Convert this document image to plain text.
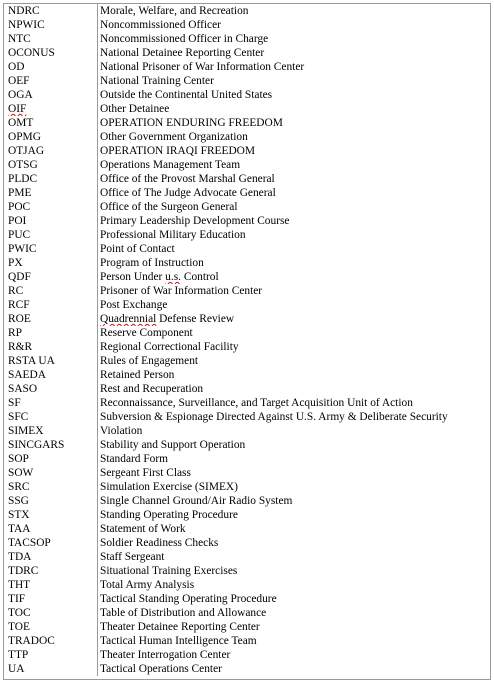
NDRC	Morale, Welfare, and Recreation
NPWIC	Noncommissioned Officer
NTC	Noncommissioned Officer in Charge
OCONUS	National Detainee Reporting Center
OD	National Prisoner of War Information Center
OEF	National Training Center
OGA	Outside the Continental United States
OIF	Other Detainee
OMT	OPERATION ENDURING FREEDOM
OPMG	Other Government Organization
OTJAG	OPERATION IRAQI FREEDOM
OTSG	Operations Management Team
PLDC	Office of the Provost Marshal General
PME	Office of The Judge Advocate General
POC	Office of the Surgeon General
POI	Primary Leadership Development Course
PUC	Professional Military Education
PWIC	Point of Contact
PX	Program of Instruction
QDF	Person Under u.s. Control
RC	Prisoner of War Information Center
RCF	Post Exchange
ROE	Quadrennial Defense Review
RP	Reserve Component
R&R	Regional Correctional Facility
RSTA UA	Rules of Engagement
SAEDA	Retained Person
SASO	Rest and Recuperation
SF	Reconnaissance, Surveillance, and Target Acquisition Unit of Action
SFC	Subversion & Espionage Directed Against U.S. Army & Deliberate Security
SIMEX	Violation
SINCGARS	Stability and Support Operation
SOP	Standard Form
SOW	Sergeant First Class
SRC	Simulation Exercise (SIMEX)
SSG	Single Channel Ground/Air Radio System
STX	Standing Operating Procedure
TAA	Statement of Work
TACSOP	Soldier Readiness Checks
TDA	Staff Sergeant
TDRC	Situational Training Exercises
THT	Total Army Analysis
TIF	Tactical Standing Operating Procedure
TOC	Table of Distribution and Allowance
TOE	Theater Detainee Reporting Center
TRADOC	Tactical Human Intelligence Team
TTP	Theater Interrogation Center
UA	Tactical Operations Center
